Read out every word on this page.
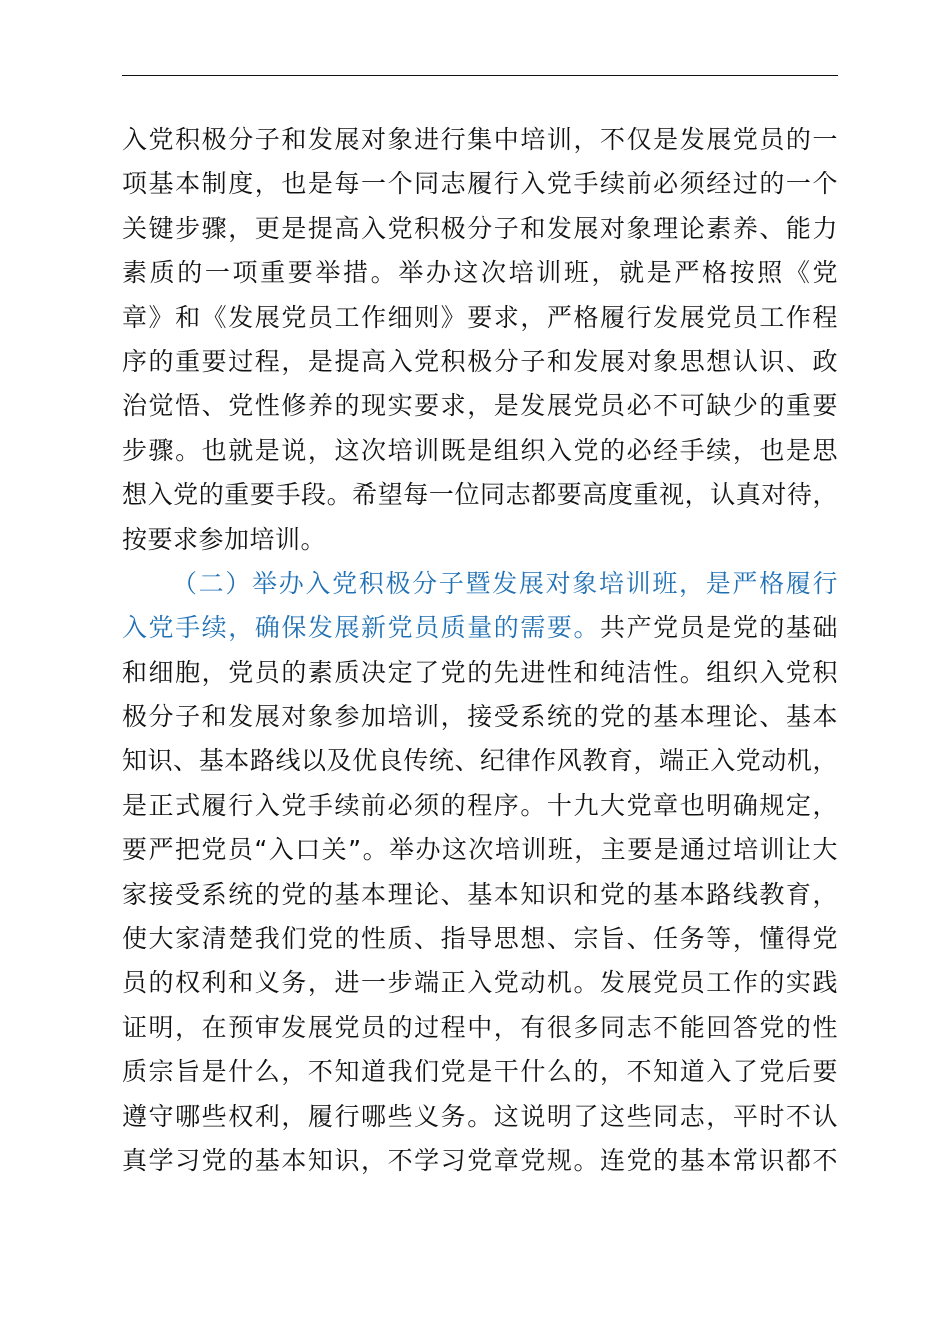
入党积极分子和发展对象进行集中培训，不仅是发展党员的一
项基本制度，也是每一个同志履行入党手续前必须经过的一个
关键步骤，更是提高入党积极分子和发展对象理论素养、能力
素质的一项重要举措。举办这次培训班，就是严格按照《党
章》和《发展党员工作细则》要求，严格履行发展党员工作程
序的重要过程，是提高入党积极分子和发展对象思想认识、政
治觉悟、党性修养的现实要求，是发展党员必不可缺少的重要
步骤。也就是说，这次培训既是组织入党的必经手续，也是思
想入党的重要手段。希望每一位同志都要高度重视，认真对待，
按要求参加培训。
（二）举办入党积极分子暨发展对象培训班，是严格履行
入党手续，确保发展新党员质量的需要。共产党员是党的基础
和细胞，党员的素质决定了党的先进性和纯洁性。组织入党积
极分子和发展对象参加培训，接受系统的党的基本理论、基本
知识、基本路线以及优良传统、纪律作风教育，端正入党动机，
是正式履行入党手续前必须的程序。十九大党章也明确规定，
要严把党员“入口关”。举办这次培训班，主要是通过培训让大
家接受系统的党的基本理论、基本知识和党的基本路线教育，
使大家清楚我们党的性质、指导思想、宗旨、任务等，懂得党
员的权利和义务，进一步端正入党动机。发展党员工作的实践
证明，在预审发展党员的过程中，有很多同志不能回答党的性
质宗旨是什么，不知道我们党是干什么的，不知道入了党后要
遵守哪些权利，履行哪些义务。这说明了这些同志，平时不认
真学习党的基本知识，不学习党章党规。连党的基本常识都不
